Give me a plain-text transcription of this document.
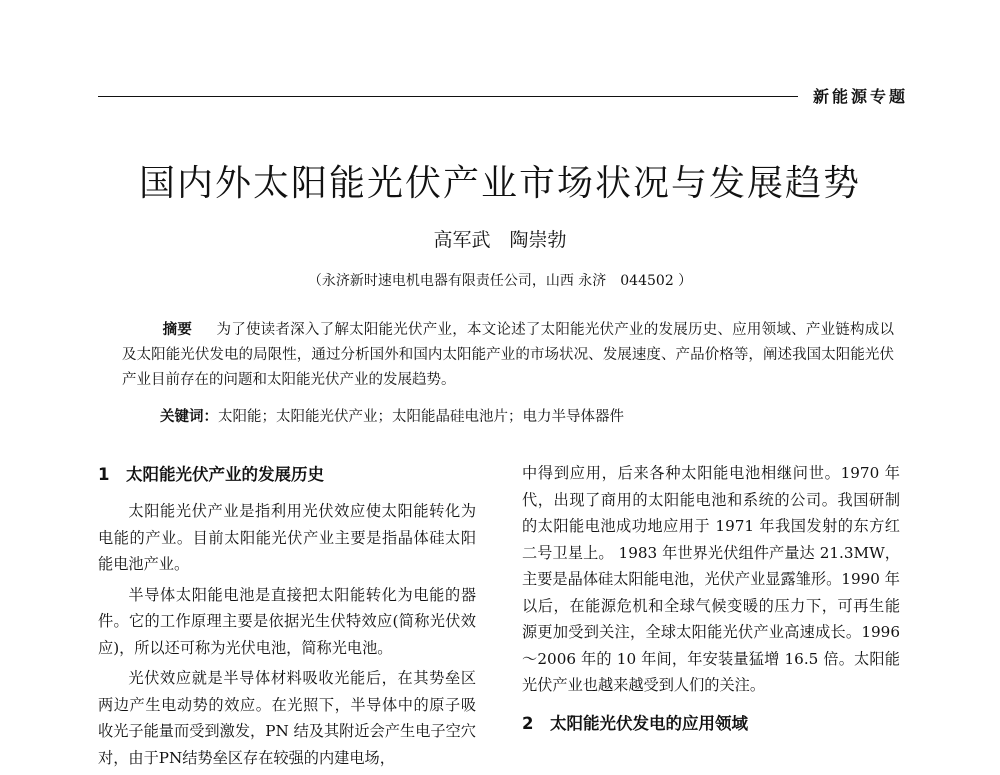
新能源专题
国内外太阳能光伏产业市场状况与发展趋势
高军武　陶崇勃
（永济新时速电机电器有限责任公司，山西 永济　044502 ）
摘要 　 为了使读者深入了解太阳能光伏产业，本文论述了太阳能光伏产业的发展历史、应用领域、产业链构成以及太阳能光伏发电的局限性，通过分析国外和国内太阳能产业的市场状况、发展速度、产品价格等，阐述我国太阳能光伏产业目前存在的问题和太阳能光伏产业的发展趋势。
关键词：太阳能；太阳能光伏产业；太阳能晶硅电池片；电力半导体器件
1 太阳能光伏产业的发展历史

太阳能光伏产业是指利用光伏效应使太阳能转化为电能的产业。目前太阳能光伏产业主要是指晶体硅太阳能电池产业。

半导体太阳能电池是直接把太阳能转化为电能的器件。它的工作原理主要是依据光生伏特效应(简称光伏效应)，所以还可称为光伏电池，简称光电池。

光伏效应就是半导体材料吸收光能后，在其势垒区两边产生电动势的效应。在光照下，半导体中的原子吸收光子能量而受到激发，PN 结及其附近会产生电子空穴对，由于PN结势垒区存在较强的内建电场，

中得到应用，后来各种太阳能电池相继问世。1970 年代，出现了商用的太阳能电池和系统的公司。我国研制的太阳能电池成功地应用于 1971 年我国发射的东方红二号卫星上。 1983 年世界光伏组件产量达 21.3MW，主要是晶体硅太阳能电池，光伏产业显露雏形。1990 年以后，在能源危机和全球气候变暖的压力下，可再生能源更加受到关注，全球太阳能光伏产业高速成长。1996～2006 年的 10 年间，年安装量猛增 16.5 倍。太阳能光伏产业也越来越受到人们的关注。

2 太阳能光伏发电的应用领域
